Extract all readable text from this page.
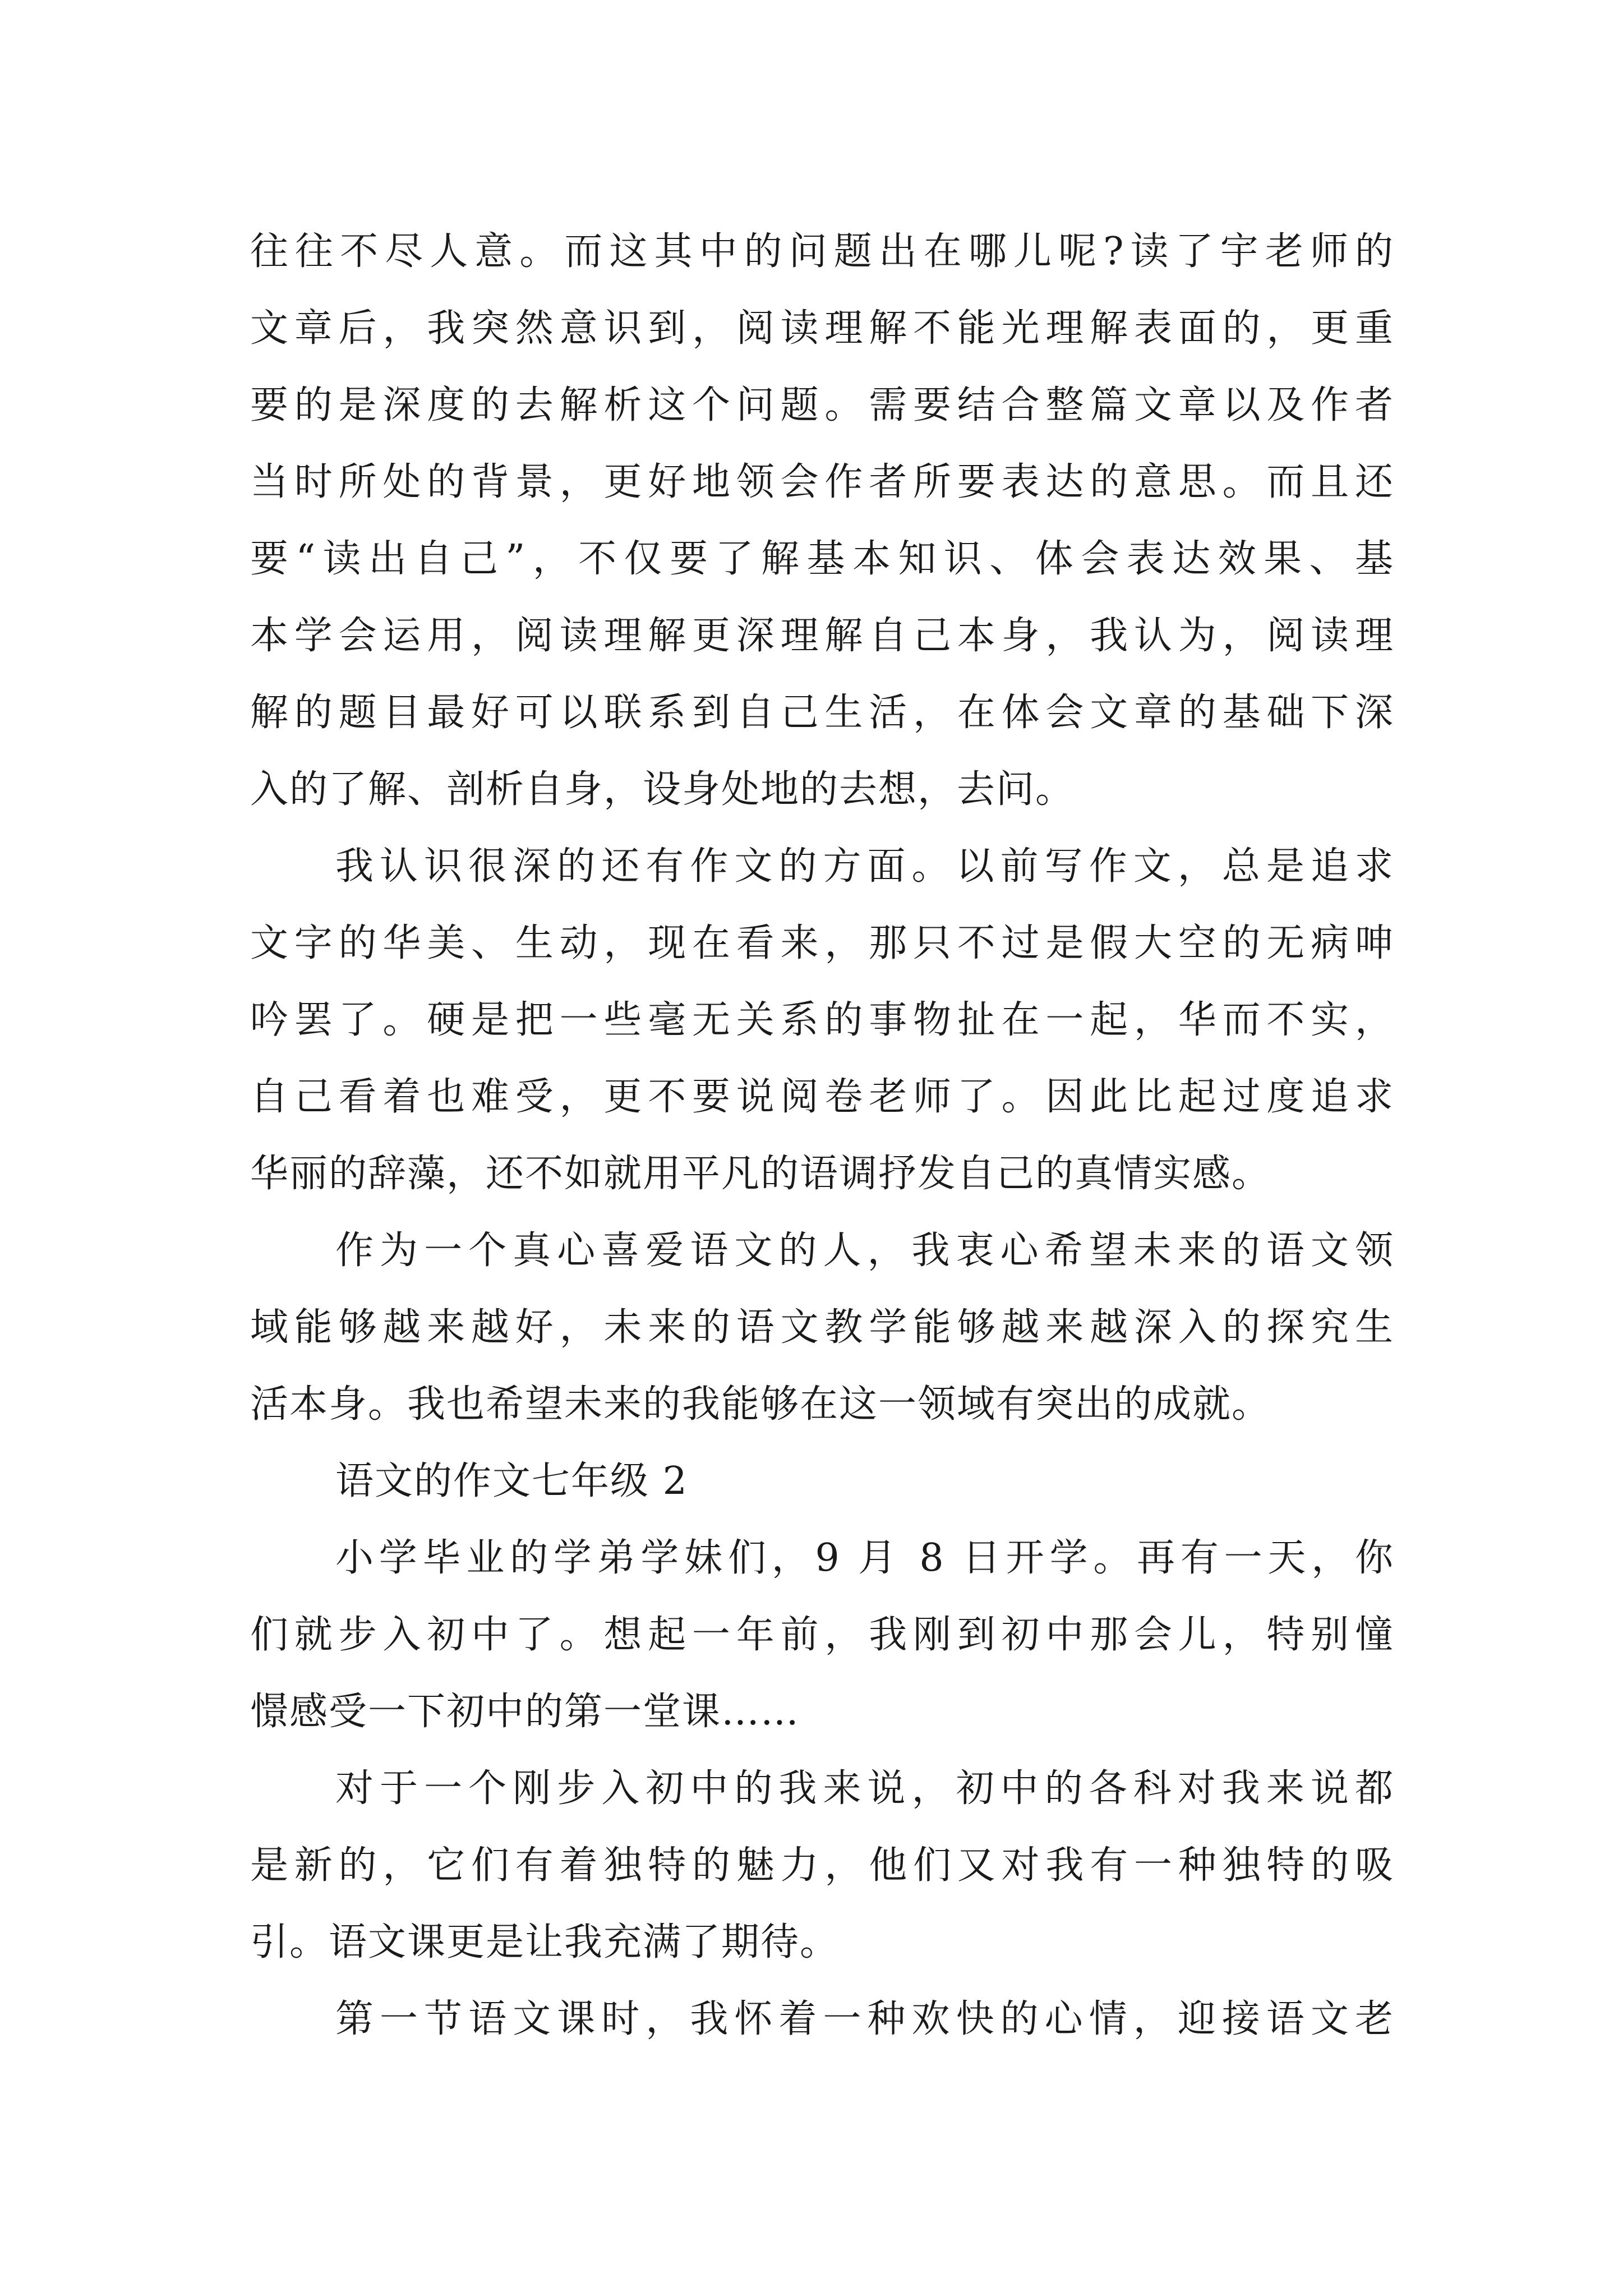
往往不尽人意。而这其中的问题出在哪儿呢?读了宇老师的
文章后，我突然意识到，阅读理解不能光理解表面的，更重
要的是深度的去解析这个问题。需要结合整篇文章以及作者
当时所处的背景，更好地领会作者所要表达的意思。而且还
要“读出自己”，不仅要了解基本知识、体会表达效果、基
本学会运用，阅读理解更深理解自己本身，我认为，阅读理
解的题目最好可以联系到自己生活，在体会文章的基础下深
入的了解、剖析自身，设身处地的去想，去问。
我认识很深的还有作文的方面。以前写作文，总是追求
文字的华美、生动，现在看来，那只不过是假大空的无病呻
吟罢了。硬是把一些毫无关系的事物扯在一起，华而不实，
自己看着也难受，更不要说阅卷老师了。因此比起过度追求
华丽的辞藻，还不如就用平凡的语调抒发自己的真情实感。
作为一个真心喜爱语文的人，我衷心希望未来的语文领
域能够越来越好，未来的语文教学能够越来越深入的探究生
活本身。我也希望未来的我能够在这一领域有突出的成就。
语文的作文七年级 2
小学毕业的学弟学妹们，9 月 8 日开学。再有一天，你
们就步入初中了。想起一年前，我刚到初中那会儿，特别憧
憬感受一下初中的第一堂课……
对于一个刚步入初中的我来说，初中的各科对我来说都
是新的，它们有着独特的魅力，他们又对我有一种独特的吸
引。语文课更是让我充满了期待。
第一节语文课时，我怀着一种欢快的心情，迎接语文老
